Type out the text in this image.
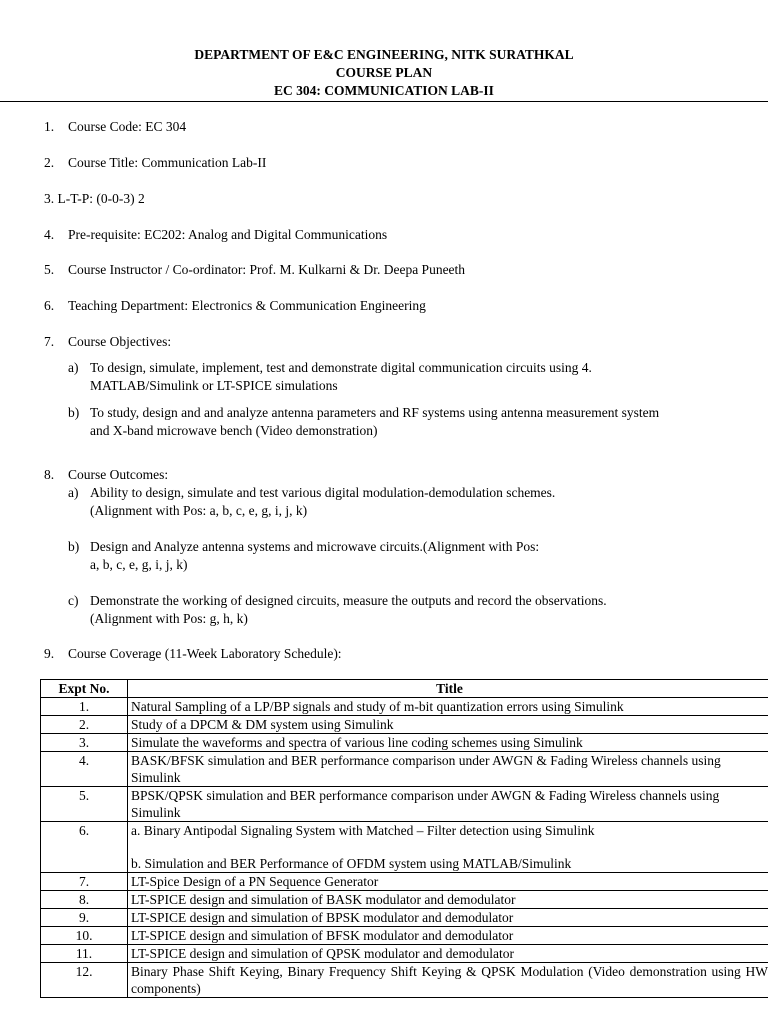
DEPARTMENT OF E&C ENGINEERING, NITK SURATHKAL
COURSE PLAN
EC 304: COMMUNICATION LAB-II
1. Course Code: EC 304
2. Course Title: Communication Lab-II
3. L-T-P: (0-0-3) 2
4. Pre-requisite: EC202: Analog and Digital Communications
5. Course Instructor / Co-ordinator: Prof. M. Kulkarni & Dr. Deepa Puneeth
6. Teaching Department: Electronics & Communication Engineering
7. Course Objectives:
a) To design, simulate, implement, test and demonstrate digital communication circuits using 4.
MATLAB/Simulink or LT-SPICE simulations
b) To study, design and and analyze antenna parameters and RF systems using antenna measurement system
and X-band microwave bench (Video demonstration)
8. Course Outcomes:
a) Ability to design, simulate and test various digital modulation-demodulation schemes.
(Alignment with Pos: a, b, c, e, g, i, j, k)
b) Design and Analyze antenna systems and microwave circuits.(Alignment with Pos:
a, b, c, e, g, i, j, k)
c) Demonstrate the working of designed circuits, measure the outputs and record the observations.
(Alignment with Pos: g, h, k)
9. Course Coverage (11-Week Laboratory Schedule):
Expt No.	Title
1.	Natural Sampling of a LP/BP signals and study of m-bit quantization errors using Simulink
2.	Study of a DPCM & DM system using Simulink
3.	Simulate the waveforms and spectra of various line coding schemes using Simulink
4.	BASK/BFSK simulation and BER performance comparison under AWGN & Fading Wireless channels using Simulink
5.	BPSK/QPSK simulation and BER performance comparison under AWGN & Fading Wireless channels using Simulink
6.	a. Binary Antipodal Signaling System with Matched – Filter detection using Simulink
b. Simulation and BER Performance of OFDM system using MATLAB/Simulink

7.	LT-Spice Design of a PN Sequence Generator
8.	LT-SPICE design and simulation of BASK modulator and demodulator
9.	LT-SPICE design and simulation of BPSK modulator and demodulator
10.	LT-SPICE design and simulation of BFSK modulator and demodulator
11.	LT-SPICE design and simulation of QPSK modulator and demodulator
12.	Binary Phase Shift Keying, Binary Frequency Shift Keying & QPSK Modulation (Video demonstration using HW components)
